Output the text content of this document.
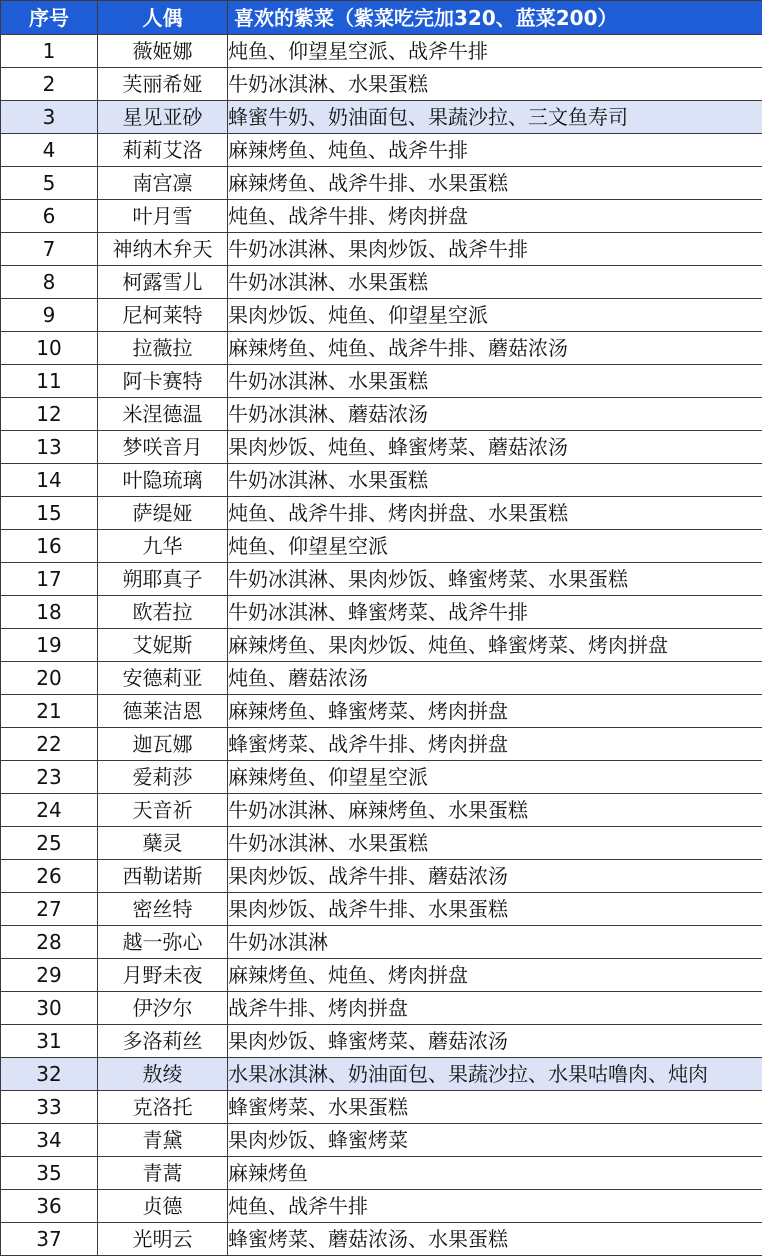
序号	人偶	喜欢的紫菜（紫菜吃完加320、蓝菜200）
1	薇姬娜	炖鱼、仰望星空派、战斧牛排
2	芙丽希娅	牛奶冰淇淋、水果蛋糕
3	星见亚砂	蜂蜜牛奶、奶油面包、果蔬沙拉、三文鱼寿司
4	莉莉艾洛	麻辣烤鱼、炖鱼、战斧牛排
5	南宫凛	麻辣烤鱼、战斧牛排、水果蛋糕
6	叶月雪	炖鱼、战斧牛排、烤肉拼盘
7	神纳木弁天	牛奶冰淇淋、果肉炒饭、战斧牛排
8	柯露雪儿	牛奶冰淇淋、水果蛋糕
9	尼柯莱特	果肉炒饭、炖鱼、仰望星空派
10	拉薇拉	麻辣烤鱼、炖鱼、战斧牛排、蘑菇浓汤
11	阿卡赛特	牛奶冰淇淋、水果蛋糕
12	米涅德温	牛奶冰淇淋、蘑菇浓汤
13	梦咲音月	果肉炒饭、炖鱼、蜂蜜烤菜、蘑菇浓汤
14	叶隐琉璃	牛奶冰淇淋、水果蛋糕
15	萨缇娅	炖鱼、战斧牛排、烤肉拼盘、水果蛋糕
16	九华	炖鱼、仰望星空派
17	朔耶真子	牛奶冰淇淋、果肉炒饭、蜂蜜烤菜、水果蛋糕
18	欧若拉	牛奶冰淇淋、蜂蜜烤菜、战斧牛排
19	艾妮斯	麻辣烤鱼、果肉炒饭、炖鱼、蜂蜜烤菜、烤肉拼盘
20	安德莉亚	炖鱼、蘑菇浓汤
21	德莱洁恩	麻辣烤鱼、蜂蜜烤菜、烤肉拼盘
22	迦瓦娜	蜂蜜烤菜、战斧牛排、烤肉拼盘
23	爱莉莎	麻辣烤鱼、仰望星空派
24	天音祈	牛奶冰淇淋、麻辣烤鱼、水果蛋糕
25	蘖灵	牛奶冰淇淋、水果蛋糕
26	西勒诺斯	果肉炒饭、战斧牛排、蘑菇浓汤
27	密丝特	果肉炒饭、战斧牛排、水果蛋糕
28	越一弥心	牛奶冰淇淋
29	月野未夜	麻辣烤鱼、炖鱼、烤肉拼盘
30	伊汐尔	战斧牛排、烤肉拼盘
31	多洛莉丝	果肉炒饭、蜂蜜烤菜、蘑菇浓汤
32	敖绫	水果冰淇淋、奶油面包、果蔬沙拉、水果咕噜肉、炖肉
33	克洛托	蜂蜜烤菜、水果蛋糕
34	青黛	果肉炒饭、蜂蜜烤菜
35	青蒿	麻辣烤鱼
36	贞德	炖鱼、战斧牛排
37	光明云	蜂蜜烤菜、蘑菇浓汤、水果蛋糕
